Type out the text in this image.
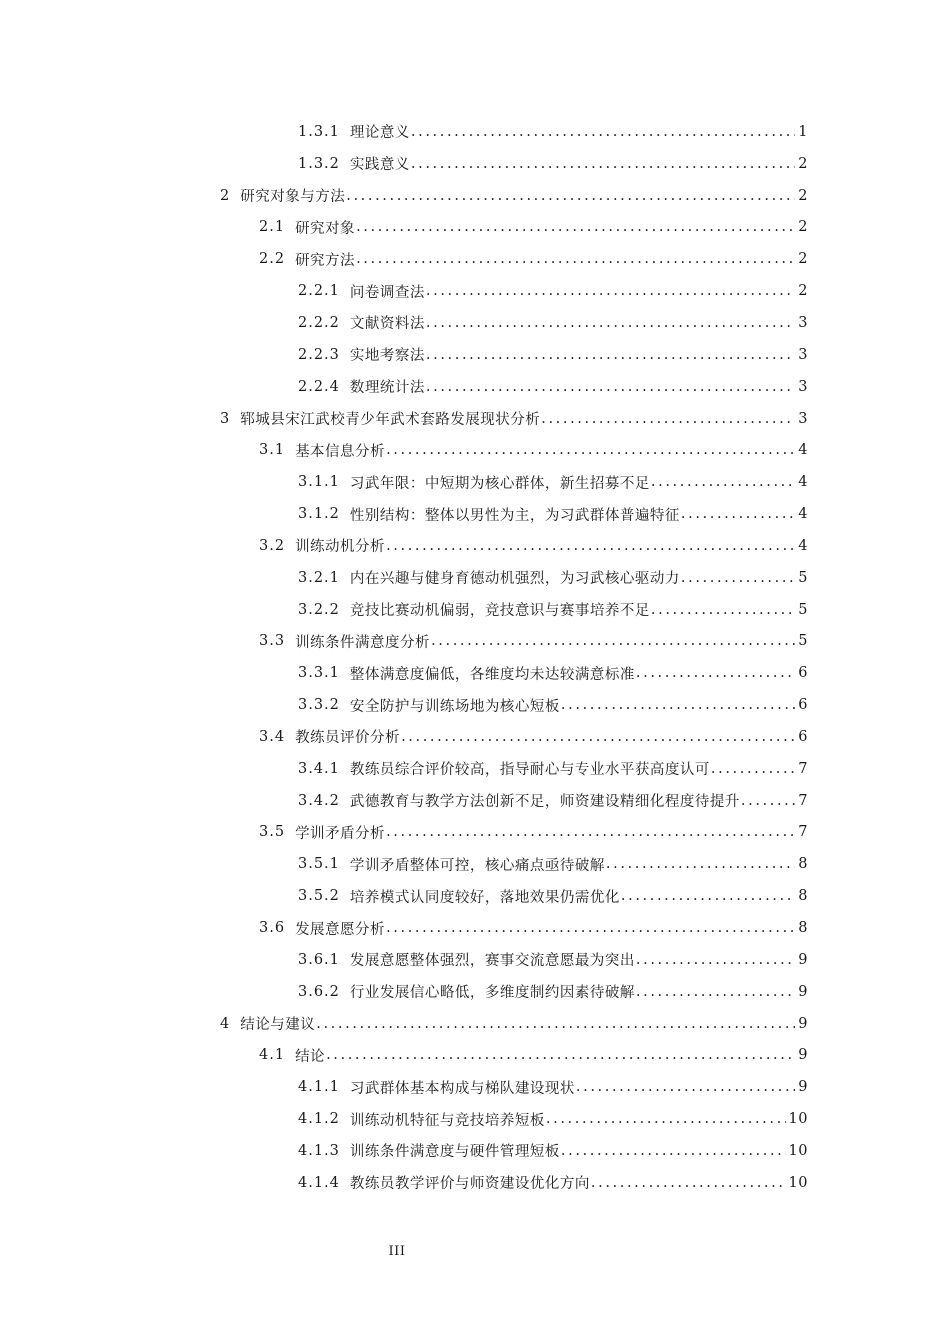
1.3.1 理论意义 .....	1
1.3.2 实践意义 .....	2
2 研究对象与方法 .....	2
2.1 研究对象 .....	2
2.2 研究方法 .....	2
2.2.1 问卷调查法 .....	2
2.2.2 文献资料法 .....	3
2.2.3 实地考察法 .....	3
2.2.4 数理统计法 .....	3
3 郓城县宋江武校青少年武术套路发展现状分析 .....	3
3.1 基本信息分析 .....	4
3.1.1 习武年限：中短期为核心群体，新生招募不足 .....	4
3.1.2 性别结构：整体以男性为主，为习武群体普遍特征 .....	4
3.2 训练动机分析 .....	4
3.2.1 内在兴趣与健身育德动机强烈，为习武核心驱动力 .....	5
3.2.2 竞技比赛动机偏弱，竞技意识与赛事培养不足 .....	5
3.3 训练条件满意度分析 .....	5
3.3.1 整体满意度偏低，各维度均未达较满意标准 .....	6
3.3.2 安全防护与训练场地为核心短板 .....	6
3.4 教练员评价分析 .....	6
3.4.1 教练员综合评价较高，指导耐心与专业水平获高度认可 .....	7
3.4.2 武德教育与教学方法创新不足，师资建设精细化程度待提升 .....	7
3.5 学训矛盾分析 .....	7
3.5.1 学训矛盾整体可控，核心痛点亟待破解 .....	8
3.5.2 培养模式认同度较好，落地效果仍需优化 .....	8
3.6 发展意愿分析 .....	8
3.6.1 发展意愿整体强烈，赛事交流意愿最为突出 .....	9
3.6.2 行业发展信心略低，多维度制约因素待破解 .....	9
4 结论与建议 .....	9
4.1 结论 .....	9
4.1.1 习武群体基本构成与梯队建设现状 .....	9
4.1.2 训练动机特征与竞技培养短板 .....	10
4.1.3 训练条件满意度与硬件管理短板 .....	10
4.1.4 教练员教学评价与师资建设优化方向 .....	10
III
